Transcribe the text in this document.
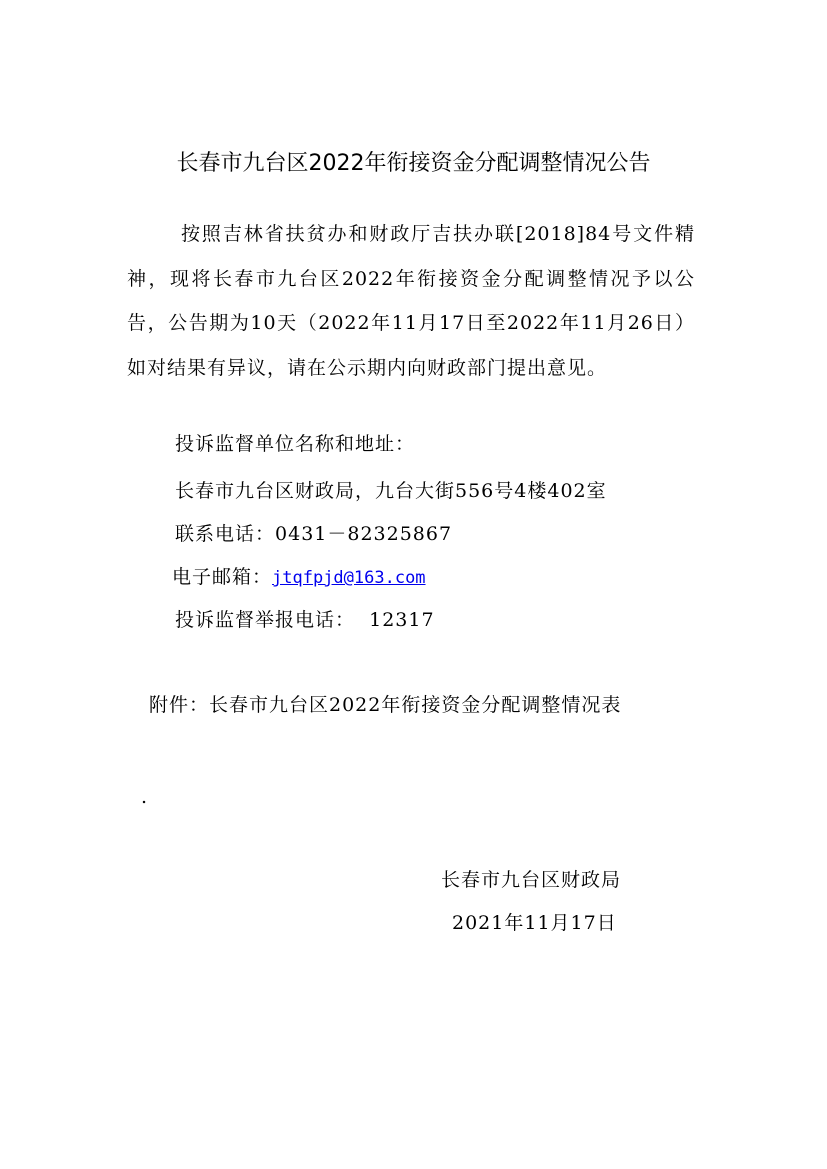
长春市九台区2022年衔接资金分配调整情况公告
按照吉林省扶贫办和财政厅吉扶办联[2018]84号文件精神，现将长春市九台区2022年衔接资金分配调整情况予以公告，公告期为10天（2022年11月17日至2022年11月26日）如对结果有异议，请在公示期内向财政部门提出意见。
投诉监督单位名称和地址：
长春市九台区财政局，九台大街556号4楼402室
联系电话：0431－82325867
电子邮箱：jtqfpjd@163.com
投诉监督举报电话： 12317
附件：长春市九台区2022年衔接资金分配调整情况表
.
长春市九台区财政局
2021年11月17日
